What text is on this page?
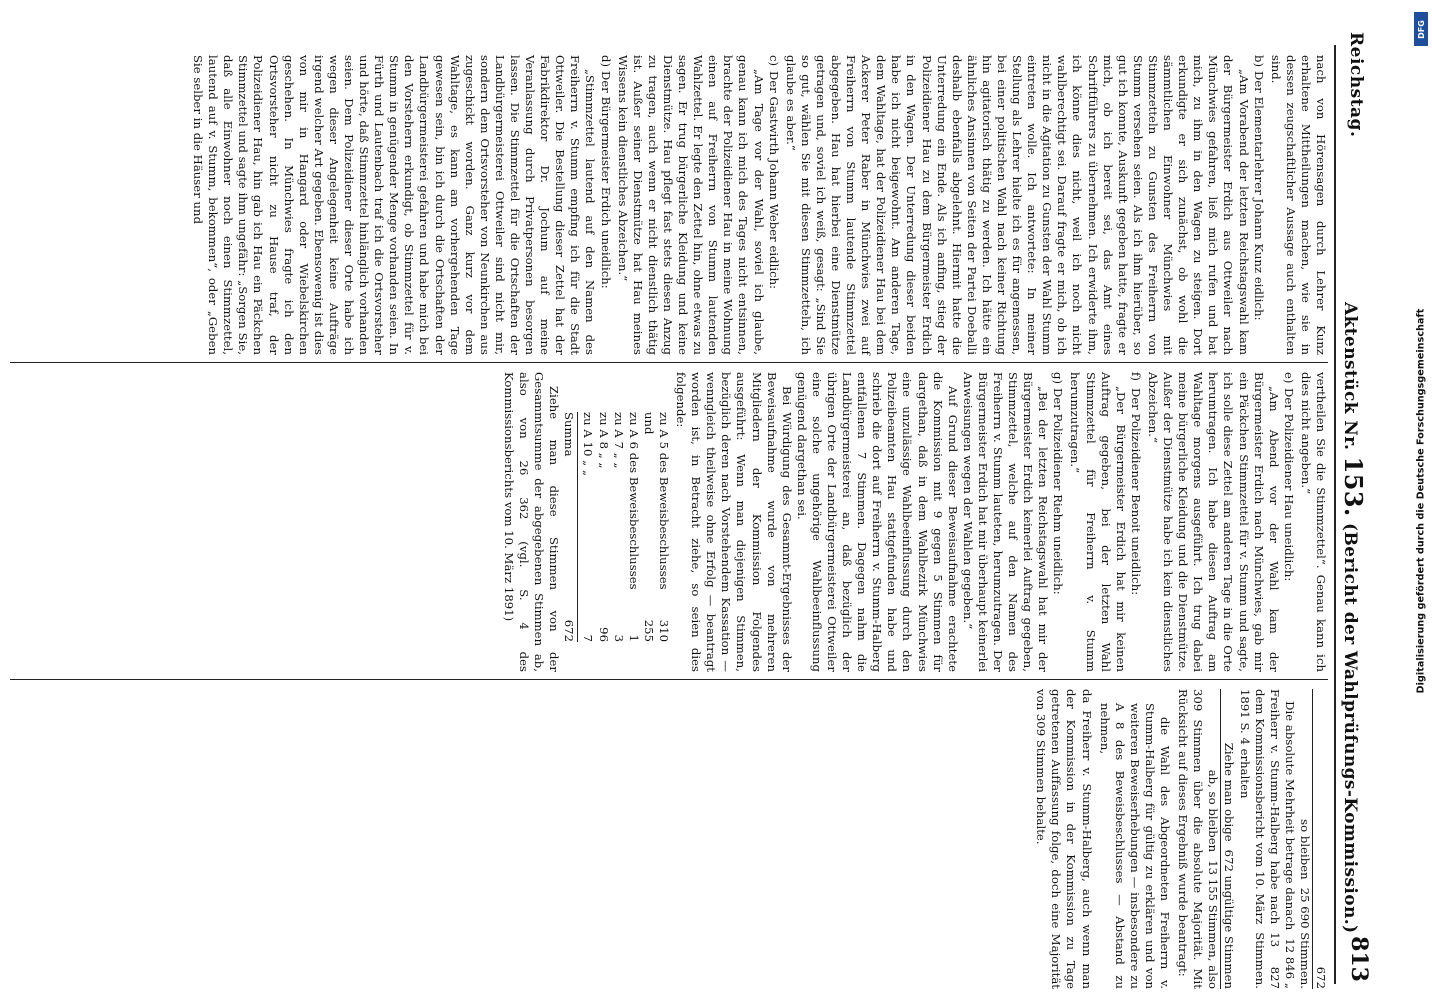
DFG
Digitalisierung gefördert durch die Deutsche Forschungsgemeinschaft
Reichstag.
Aktenstück Nr. 153. (Bericht der Wahlprüfungs-Kommission.)
813

nach von Hörensagen durch Lehrer Kunz erhaltene Mittheilungen machen, wie sie in dessen zeugschaftlicher Aussage auch enthalten sind.

b)Der Elementarlehrer Johann Kunz eidlich:

„Am Vorabend der letzten Reichstagswahl kam der Bürgermeister Erdich aus Ottweiler nach Münchwies gefahren, ließ mich rufen und bat mich, zu ihm in den Wagen zu steigen. Dort erkundigte er sich zunächst, ob wohl die sämmtlichen Einwohner Münchwies mit Stimmzetteln zu Gunsten des Freiherrn von Stumm versehen seien. Als ich ihm hierüber, so gut ich konnte, Auskunft gegeben hatte, fragte er mich, ob ich bereit sei, das Amt eines Schriftführers zu übernehmen. Ich erwiderte ihm, ich könne dies nicht, weil ich noch nicht wahlberechtigt sei. Darauf fragte er mich, ob ich nicht in die Agitation zu Gunsten der Wahl Stumm eintreten wolle. Ich antwortete: In meiner Stellung als Lehrer hielte ich es für angemessen, bei einer politischen Wahl nach keiner Richtung hin agitatorisch thätig zu werden. Ich hätte ein ähnliches Ansinnen von Seiten der Partei Doeballi deshalb ebenfalls abgelehnt. Hiermit hatte die Unterredung ein Ende. Als ich anfing, stieg der Polizeidiener Hau zu dem Bürgermeister Erdich in den Wagen. Der Unterredung dieser beiden habe ich nicht beigewohnt. Am anderen Tage, dem Wahltage, hat der Polizeidiener Hau bei dem Ackerer Peter Raber in Münchwies zwei auf Freiherrn von Stumm lautende Stimmzettel abgegeben. Hau hat hierbei eine Dienstmütze getragen und, soviel ich weiß, gesagt: „Sind Sie so gut, wählen Sie mit diesen Stimmzetteln, ich glaube es aber.“

c)Der Gastwirth Johann Weber eidlich:

„Am Tage vor der Wahl, soviel ich glaube, genau kann ich mich des Tages nicht entsinnen, brachte der Polizeidiener Hau in meine Wohnung einen auf Freiherrn von Stumm lautenden Wahlzettel. Er legte den Zettel hin, ohne etwas zu sagen. Er trug bürgerliche Kleidung und keine Dienstmütze. Hau pflegt fast stets diesen Anzug zu tragen, auch wenn er nicht dienstlich thätig ist. Außer seiner Dienstmütze hat Hau meines Wissens kein dienstliches Abzeichen.“

d)Der Bürgermeister Erdich uneidlich:

„Stimmzettel lautend auf den Namen des Freiherrn v. Stumm empfing ich für die Stadt Ottweiler. Die Bestellung dieser Zettel hat der Fabrikdirektor Dr. Jochum auf meine Veranlassung durch Privatpersonen besorgen lassen. Die Stimmzettel für die Ortschaften der Landbürgermeisterei Ottweiler sind nicht mir, sondern dem Ortsvorsteher von Neunkirchen aus zugeschickt worden. Ganz kurz vor dem Wahltage, es kann am vorhergehenden Tage gewesen sein, bin ich durch die Ortschaften der Landbürgermeisterei gefahren und habe mich bei den Vorstehern erkundigt, ob Stimmzettel für v. Stumm in genügender Menge vorhanden seien. In Fürth und Lautenbach traf ich die Ortsvorsteher und hörte, daß Stimmzettel hinlänglich vorhanden seien. Dem Polizeidiener dieser Orte habe ich wegen dieser Angelegenheit keine Aufträge irgend welcher Art gegeben. Ebensowenig ist dies von mir in Hangard oder Wiebelskirchen geschehen. In Münchwies fragte ich den Ortsvorsteher nicht zu Hause traf, der Polizeidiener Hau, hin gab ich Hau ein Päckchen Stimmzettel und sagte ihm ungefähr: „Sorgen Sie, daß alle Einwohner noch einen Stimmzettel, lautend auf v. Stumm, bekommen“, oder „Geben Sie selber in die Häuser und

vertheilen Sie die Stimmzettel“. Genau kann ich dies nicht angeben.“

e)Der Polizeidiener Hau uneidlich:

„Am Abend vor der Wahl kam der Bürgermeister Erdich nach Münchwies, gab mir ein Päckchen Stimmzettel für v. Stumm und sagte, ich solle diese Zettel am anderen Tage in die Orte herumtragen. Ich habe diesen Auftrag am Wahltage morgens ausgeführt. Ich trug dabei meine bürgerliche Kleidung und die Dienstmütze. Außer der Dienstmütze habe ich kein dienstliches Abzeichen.“

f)Der Polizeidiener Benoit uneidlich:

„Der Bürgermeister Erdich hat mir keinen Auftrag gegeben, bei der letzten Wahl Stimmzettel für Freiherrn v. Stumm herumzutragen.“

g)Der Polizeidiener Riehm uneidlich:

„Bei der letzten Reichstagswahl hat mir der Bürgermeister Erdich keinerlei Auftrag gegeben, Stimmzettel, welche auf den Namen des Freiherrn v. Stumm lauteten, herumzutragen. Der Bürgermeister Erdich hat mir überhaupt keinerlei Anweisungen wegen der Wahlen gegeben.“

Auf Grund dieser Beweisaufnahme erachtete die Kommission mit 9 gegen 5 Stimmen für dargethan, daß in dem Wahlbezirk Münchwies eine unzulässige Wahlbeeinflussung durch den Polizeibeamten Hau stattgefunden habe und schrieb die dort auf Freiherrn v. Stumm-Halberg entfallenen 7 Stimmen. Dagegen nahm die Landbürgermeisterei an, daß bezüglich der übrigen Orte der Landbürgermeisterei Ottweiler eine solche ungehörige Wahlbeeinflussung genügend dargethan sei.

Bei Würdigung des Gesammt-Ergebnisses der Beweisaufnahme wurde von mehreren Mitgliedern der Kommission Folgendes ausgeführt: Wenn man diejenigen Stimmen, bezüglich deren nach Vorstehendem Kassation — wenngleich theilweise ohne Erfolg — beantragt worden ist, in Betracht ziehe, so seien dies folgende:

zu A 5 des Beweisbeschlusses
310
und
255
zu A 6 des Beweisbeschlusses
1
zu A 7 „ „
3
zu A 8 „ „
96
zu A 10 „ „
7
Summa
672

Ziehe man diese Stimmen von der Gesammtsumme der abgegebenen Stimmen ab, also von 26 362 (vgl. S. 4 des Kommissionsberichts vom 10. März 1891)

672
so bleiben
25 690 Stimmen.
Die absolute Mehrheit betrage danach
12 846 „
Freiherr v. Stumm-Halberg habe nach dem Kommissionsbericht vom 10. März 1891 S. 4 erhalten
13 827 Stimmen.
Ziehe man obige
672 ungültige Stimmen
ab, so bleiben
13 155 Stimmen, also

309 Stimmen über die absolute Majorität. Mit Rücksicht auf dieses Ergebniß wurde beantragt:

die Wahl des Abgeordneten Freiherrn v. Stumm-Halberg für gültig zu erklären und von weiteren Beweiserhebungen — insbesondere zu A 8 des Beweisbeschlusses — Abstand zu nehmen,

da Freiherr v. Stumm-Halberg, auch wenn man der Kommission in der Kommission zu Tage getretenen Auffassung folge, doch eine Majorität von 309 Stimmen behalte.
